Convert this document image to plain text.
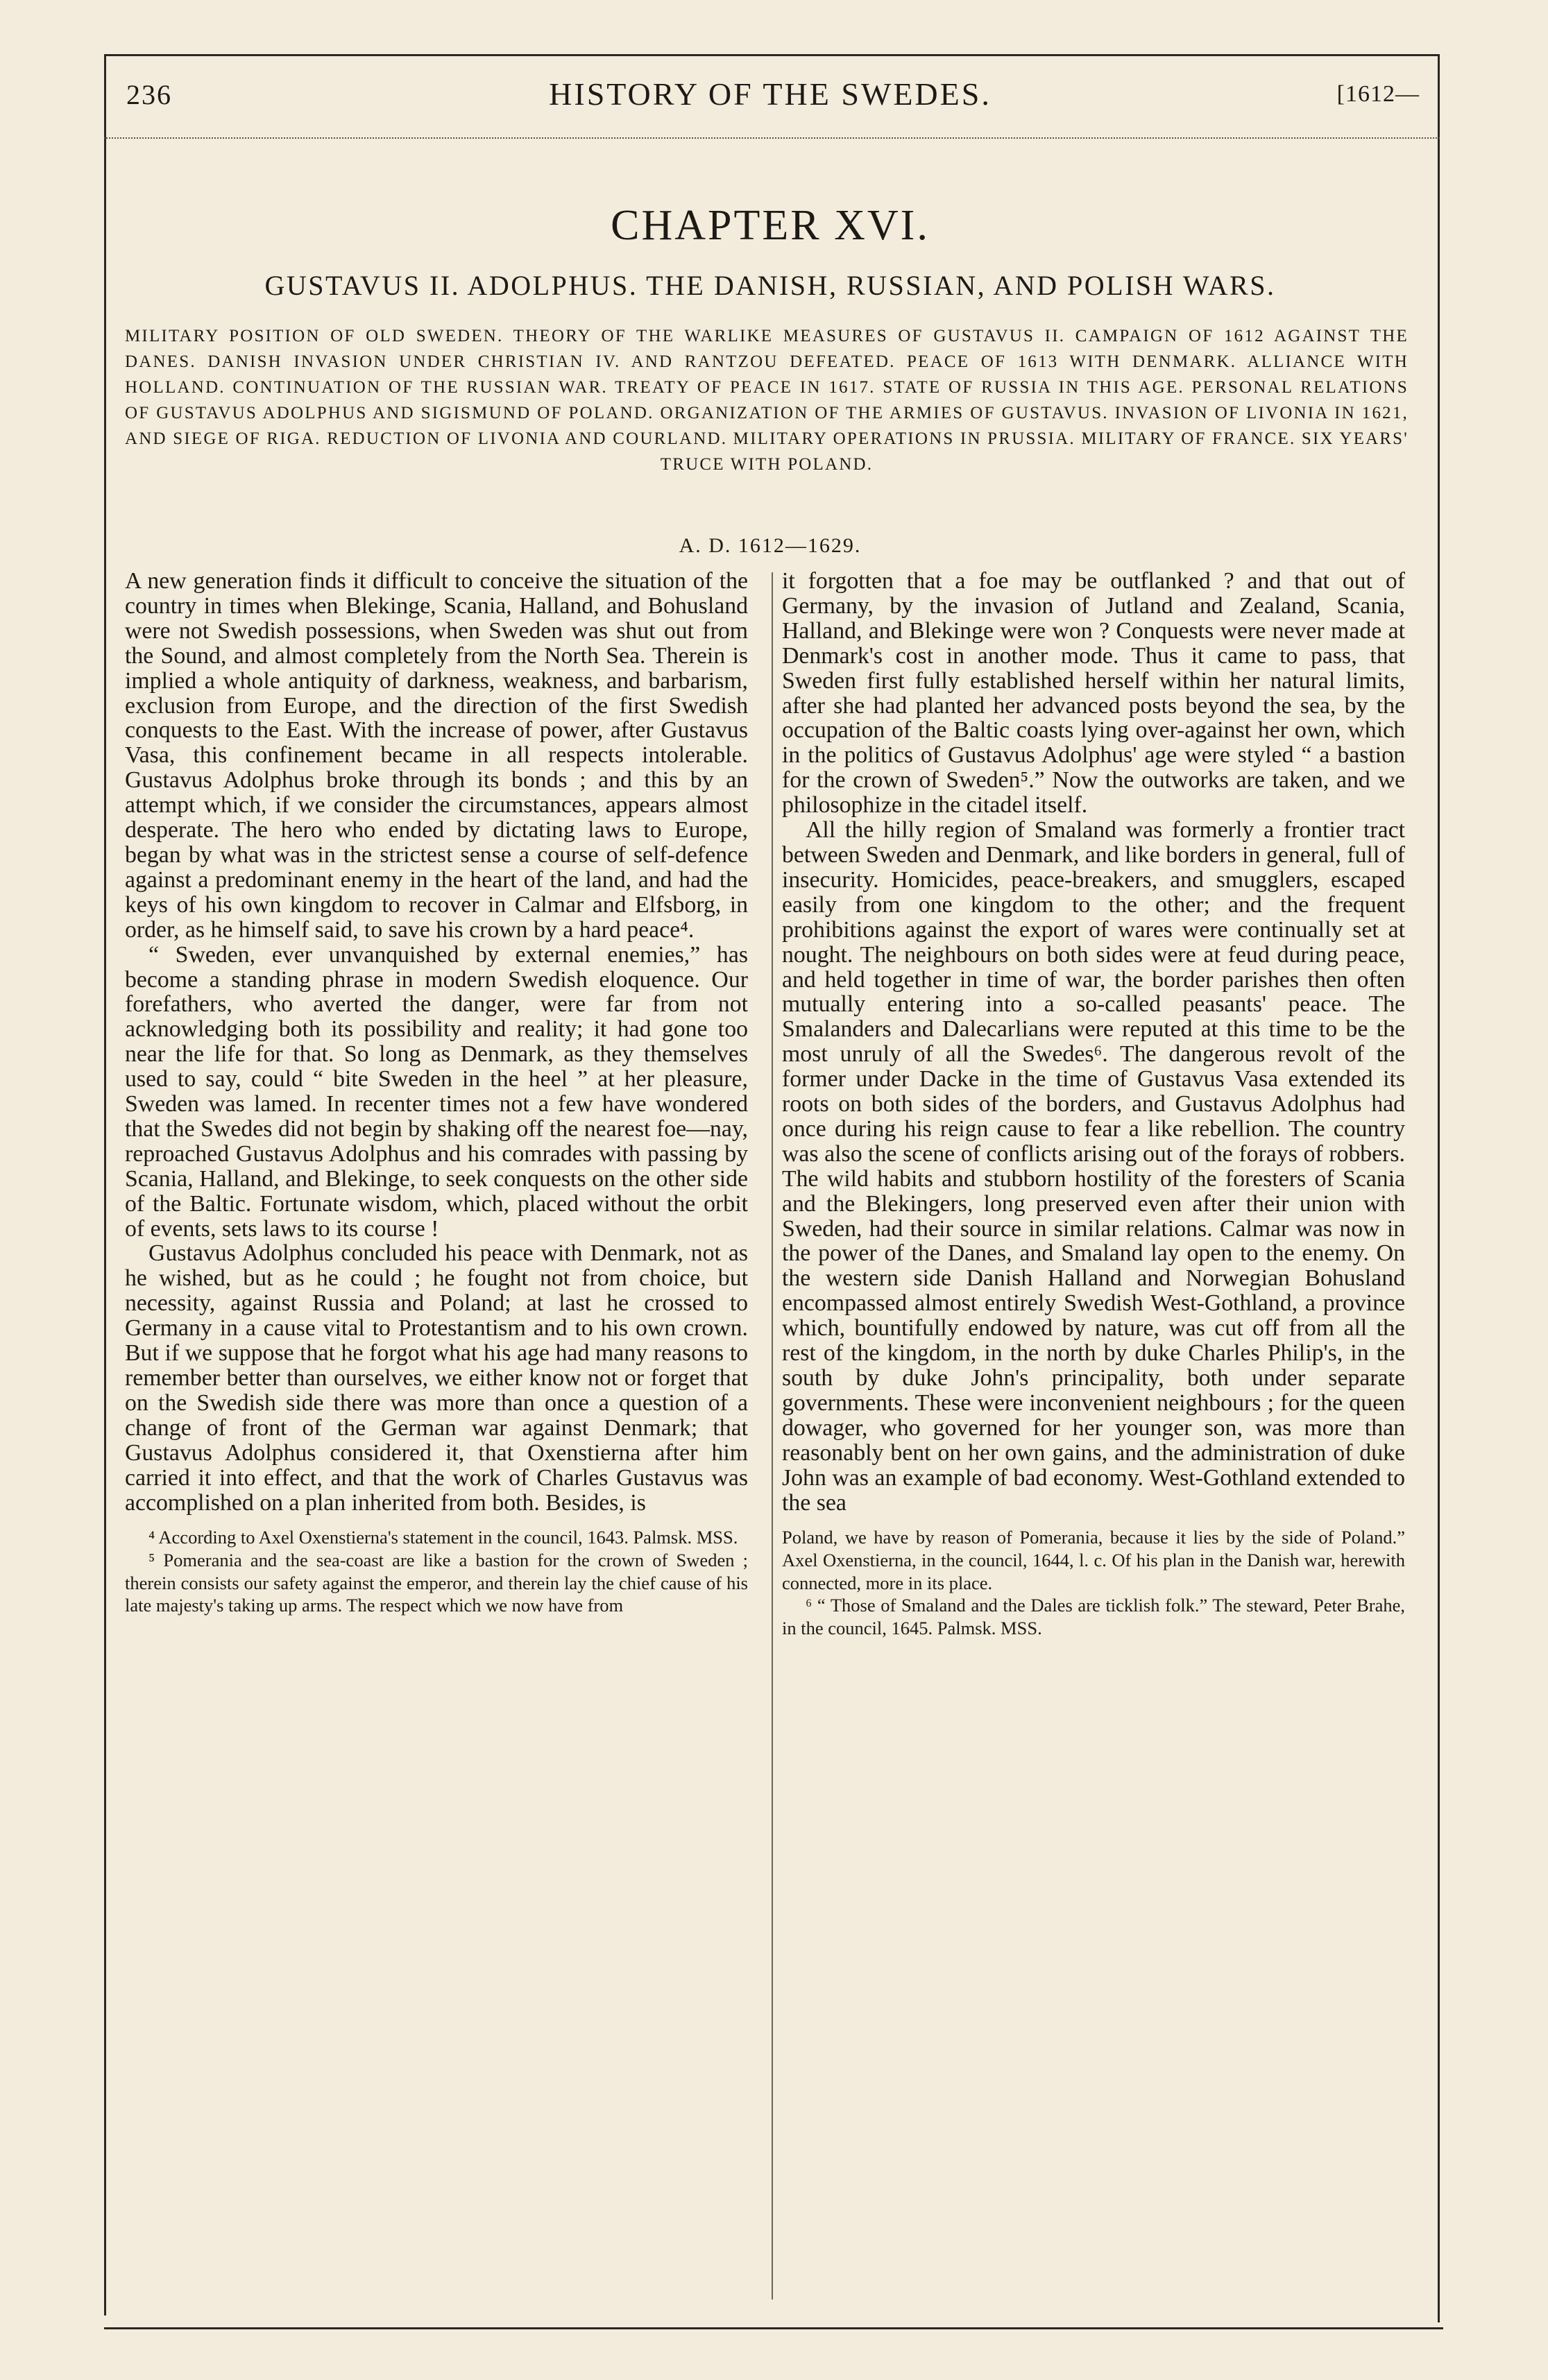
236	HISTORY OF THE SWEDES.	[1612—
CHAPTER XVI.
GUSTAVUS II. ADOLPHUS. THE DANISH, RUSSIAN, AND POLISH WARS.
MILITARY POSITION OF OLD SWEDEN. THEORY OF THE WARLIKE MEASURES OF GUSTAVUS II. CAMPAIGN OF 1612 AGAINST THE DANES. DANISH INVASION UNDER CHRISTIAN IV. AND RANTZOU DEFEATED. PEACE OF 1613 WITH DENMARK. ALLIANCE WITH HOLLAND. CONTINUATION OF THE RUSSIAN WAR. TREATY OF PEACE IN 1617. STATE OF RUSSIA IN THIS AGE. PERSONAL RELATIONS OF GUSTAVUS ADOLPHUS AND SIGISMUND OF POLAND. ORGANIZATION OF THE ARMIES OF GUSTAVUS. INVASION OF LIVONIA IN 1621, AND SIEGE OF RIGA. REDUCTION OF LIVONIA AND COURLAND. MILITARY OPERATIONS IN PRUSSIA. MILITARY OF FRANCE. SIX YEARS' TRUCE WITH POLAND.
A. D. 1612—1629.

A new generation finds it difficult to conceive the situation of the country in times when Blekinge, Scania, Halland, and Bohusland were not Swedish possessions, when Sweden was shut out from the Sound, and almost completely from the North Sea. Therein is implied a whole antiquity of darkness, weakness, and barbarism, exclusion from Europe, and the direction of the first Swedish conquests to the East. With the increase of power, after Gustavus Vasa, this confinement became in all respects intolerable. Gustavus Adolphus broke through its bonds ; and this by an attempt which, if we consider the circumstances, appears almost desperate. The hero who ended by dictating laws to Europe, began by what was in the strictest sense a course of self-defence against a predominant enemy in the heart of the land, and had the keys of his own kingdom to recover in Calmar and Elfsborg, in order, as he himself said, to save his crown by a hard peace⁴.

“ Sweden, ever unvanquished by external enemies,” has become a standing phrase in modern Swedish eloquence. Our forefathers, who averted the danger, were far from not acknowledging both its possibility and reality; it had gone too near the life for that. So long as Denmark, as they themselves used to say, could “ bite Sweden in the heel ” at her pleasure, Sweden was lamed. In recenter times not a few have wondered that the Swedes did not begin by shaking off the nearest foe—nay, reproached Gustavus Adolphus and his comrades with passing by Scania, Halland, and Blekinge, to seek conquests on the other side of the Baltic. Fortunate wisdom, which, placed without the orbit of events, sets laws to its course !

Gustavus Adolphus concluded his peace with Denmark, not as he wished, but as he could ; he fought not from choice, but necessity, against Russia and Poland; at last he crossed to Germany in a cause vital to Protestantism and to his own crown. But if we suppose that he forgot what his age had many reasons to remember better than ourselves, we either know not or forget that on the Swedish side there was more than once a question of a change of front of the German war against Denmark; that Gustavus Adolphus considered it, that Oxenstierna after him carried it into effect, and that the work of Charles Gustavus was accomplished on a plan inherited from both. Besides, is

⁴ According to Axel Oxenstierna's statement in the council, 1643. Palmsk. MSS.

⁵ Pomerania and the sea-coast are like a bastion for the crown of Sweden ; therein consists our safety against the emperor, and therein lay the chief cause of his late majesty's taking up arms. The respect which we now have from

it forgotten that a foe may be outflanked ? and that out of Germany, by the invasion of Jutland and Zealand, Scania, Halland, and Blekinge were won ? Conquests were never made at Denmark's cost in another mode. Thus it came to pass, that Sweden first fully established herself within her natural limits, after she had planted her advanced posts beyond the sea, by the occupation of the Baltic coasts lying over-against her own, which in the politics of Gustavus Adolphus' age were styled “ a bastion for the crown of Sweden⁵.” Now the outworks are taken, and we philosophize in the citadel itself.

All the hilly region of Smaland was formerly a frontier tract between Sweden and Denmark, and like borders in general, full of insecurity. Homicides, peace-breakers, and smugglers, escaped easily from one kingdom to the other; and the frequent prohibitions against the export of wares were continually set at nought. The neighbours on both sides were at feud during peace, and held together in time of war, the border parishes then often mutually entering into a so-called peasants' peace. The Smalanders and Dalecarlians were reputed at this time to be the most unruly of all the Swedes⁶. The dangerous revolt of the former under Dacke in the time of Gustavus Vasa extended its roots on both sides of the borders, and Gustavus Adolphus had once during his reign cause to fear a like rebellion. The country was also the scene of conflicts arising out of the forays of robbers. The wild habits and stubborn hostility of the foresters of Scania and the Blekingers, long preserved even after their union with Sweden, had their source in similar relations. Calmar was now in the power of the Danes, and Smaland lay open to the enemy. On the western side Danish Halland and Norwegian Bohusland encompassed almost entirely Swedish West-Gothland, a province which, bountifully endowed by nature, was cut off from all the rest of the kingdom, in the north by duke Charles Philip's, in the south by duke John's principality, both under separate governments. These were inconvenient neighbours ; for the queen dowager, who governed for her younger son, was more than reasonably bent on her own gains, and the administration of duke John was an example of bad economy. West-Gothland extended to the sea

Poland, we have by reason of Pomerania, because it lies by the side of Poland.” Axel Oxenstierna, in the council, 1644, l. c. Of his plan in the Danish war, herewith connected, more in its place.

⁶ “ Those of Smaland and the Dales are ticklish folk.” The steward, Peter Brahe, in the council, 1645. Palmsk. MSS.
